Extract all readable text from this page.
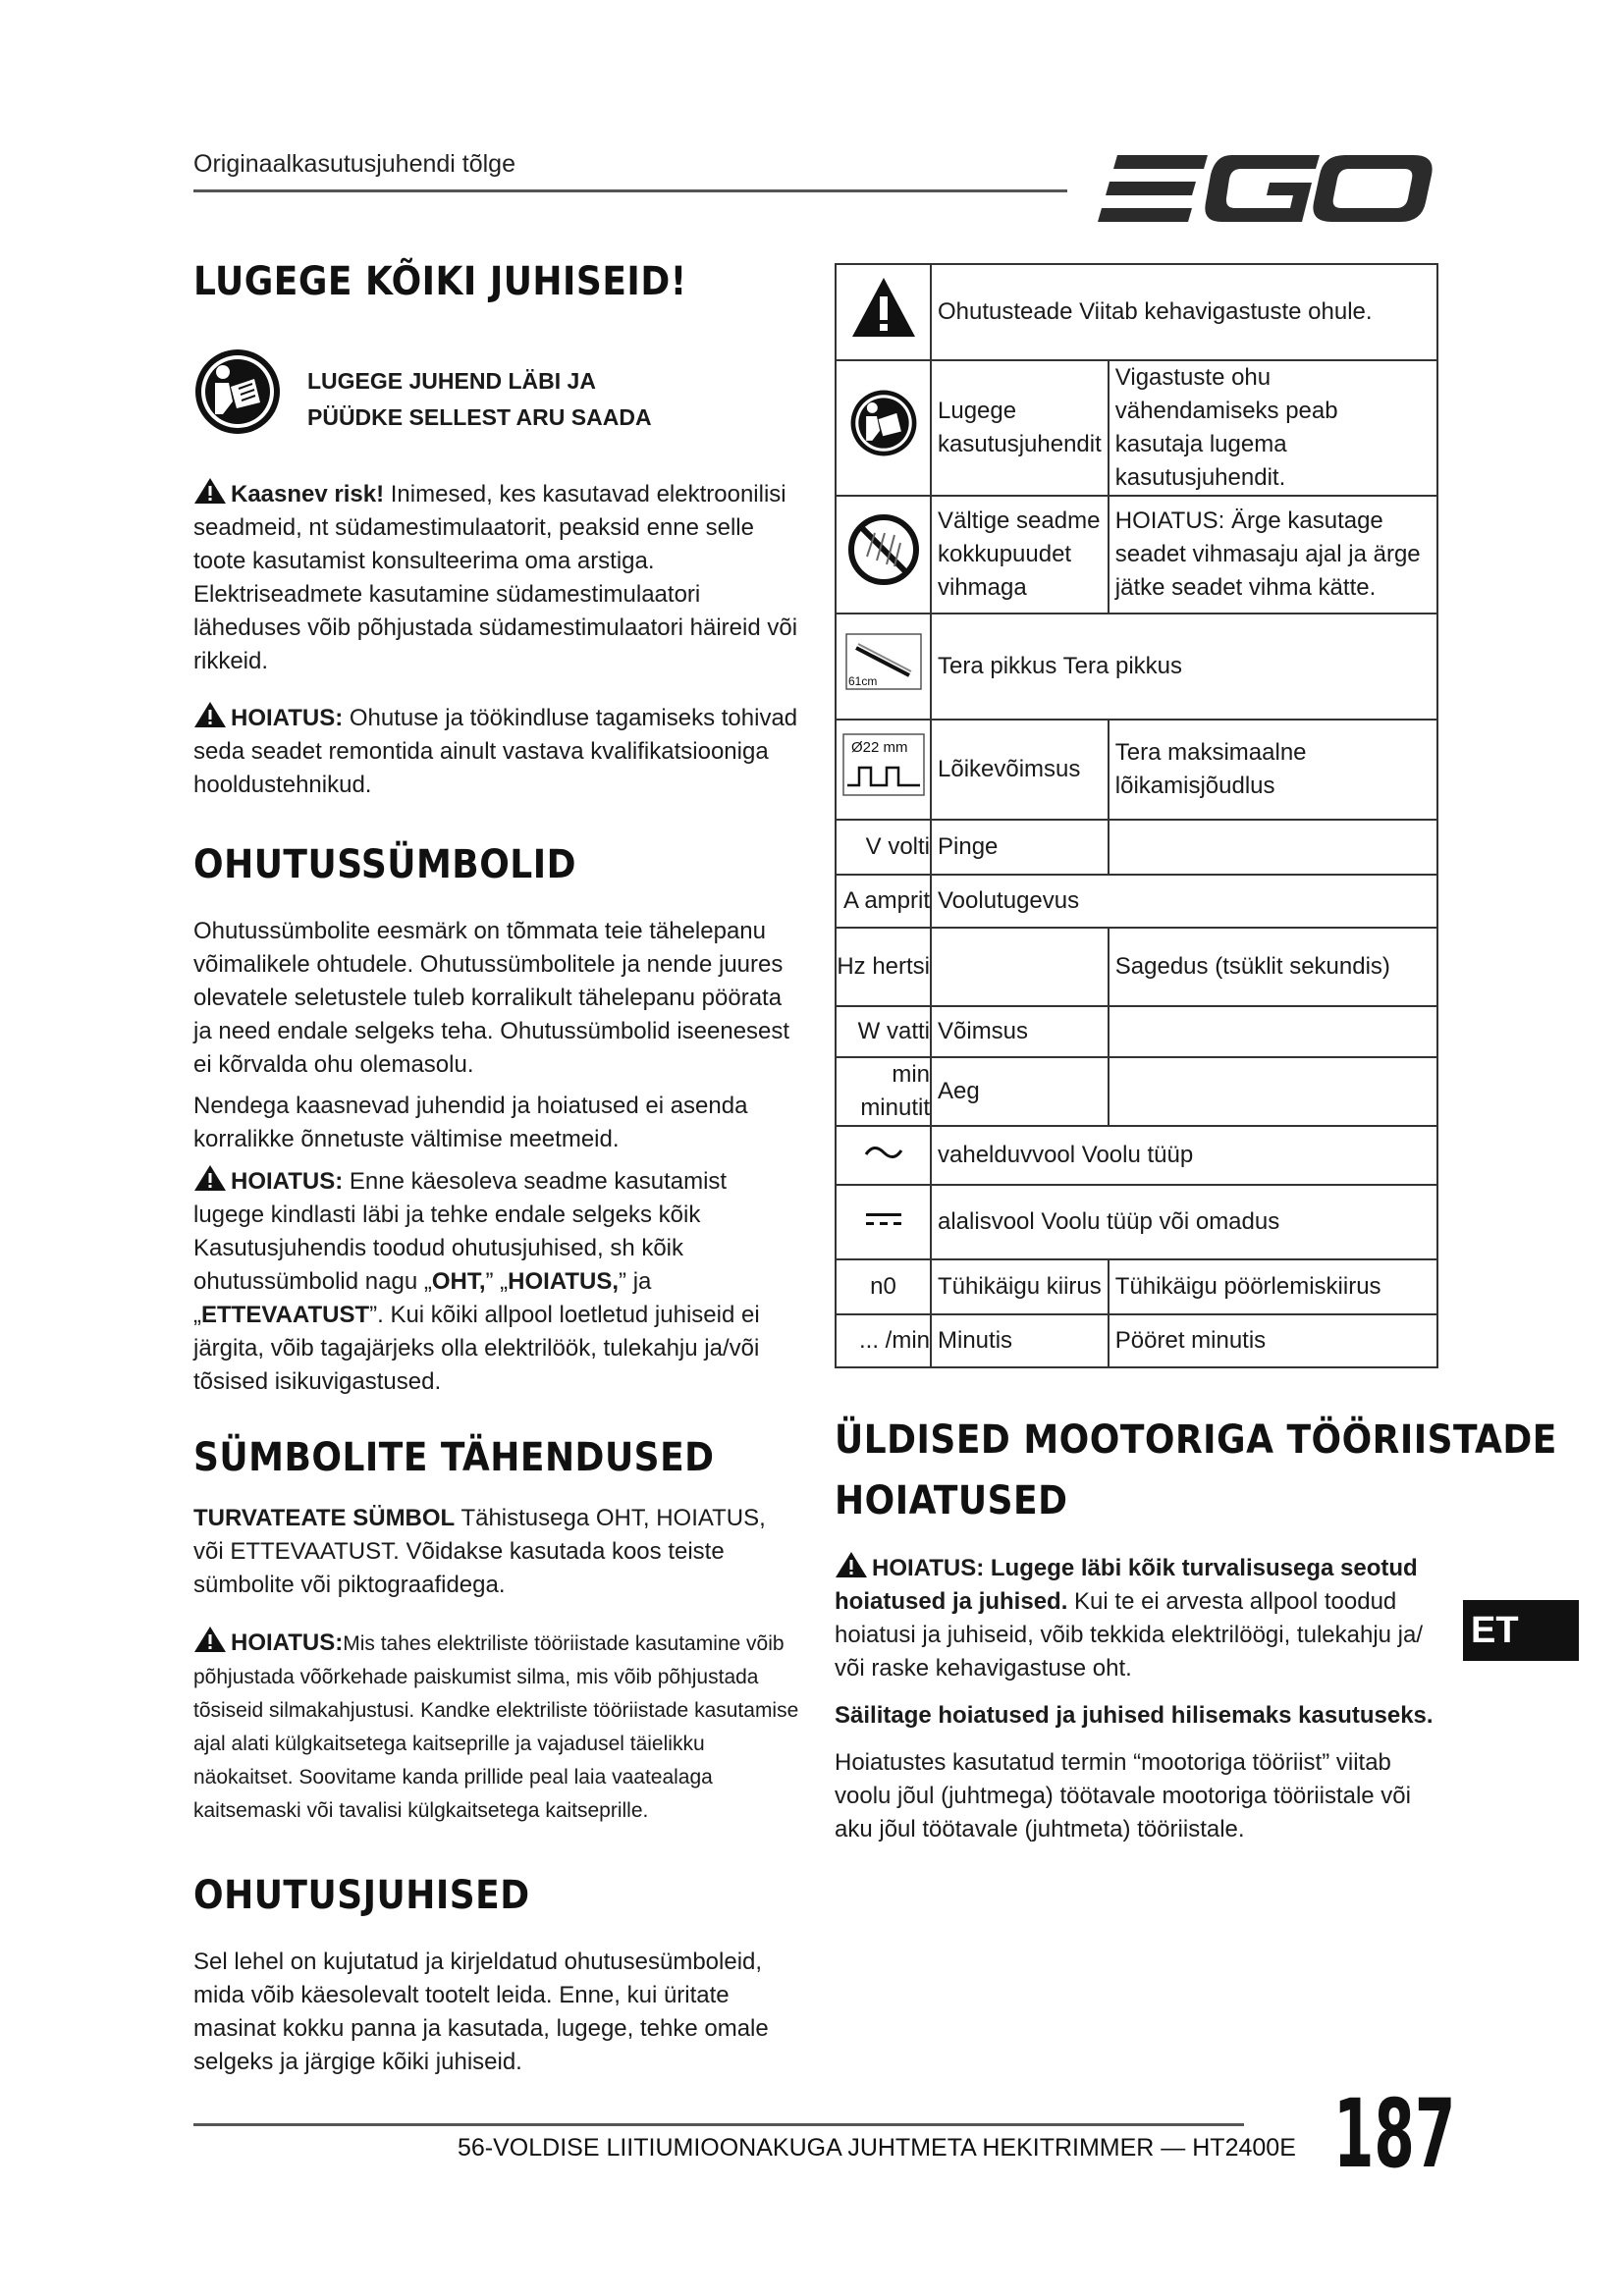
Originaalkasutusjuhendi tõlge
LUGEGE KÕIKI JUHISEID!
LUGEGE JUHEND LÄBI JA
PÜÜDKE SELLEST ARU SAADA

Kaasnev risk! Inimesed, kes kasutavad elektroonilisi seadmeid, nt südamestimulaatorit, peaksid enne selle toote kasutamist konsulteerima oma arstiga. Elektriseadmete kasutamine südamestimulaatori läheduses võib põhjustada südamestimulaatori häireid või rikkeid.

HOIATUS: Ohutuse ja töökindluse tagamiseks tohivad seda seadet remontida ainult vastava kvalifikatsiooniga hooldustehnikud.

OHUTUSSÜMBOLID

Ohutussümbolite eesmärk on tõmmata teie tähelepanu võimalikele ohtudele. Ohutussümbolitele ja nende juures olevatele seletustele tuleb korralikult tähelepanu pöörata ja need endale selgeks teha. Ohutussümbolid iseenesest ei kõrvalda ohu olemasolu.

Nendega kaasnevad juhendid ja hoiatused ei asenda korralikke õnnetuste vältimise meetmeid.

HOIATUS: Enne käesoleva seadme kasutamist lugege kindlasti läbi ja tehke endale selgeks kõik Kasutusjuhendis toodud ohutusjuhised, sh kõik ohutussümbolid nagu „OHT,” „HOIATUS,” ja „ETTEVAATUST”. Kui kõiki allpool loetletud juhiseid ei järgita, võib tagajärjeks olla elektrilöök, tulekahju ja/või tõsised isikuvigastused.

SÜMBOLITE TÄHENDUSED

TURVATEATE SÜMBOL Tähistusega OHT, HOIATUS, või ETTEVAATUST. Võidakse kasutada koos teiste sümbolite või piktograafidega.

HOIATUS:Mis tahes elektriliste tööriistade kasutamine võib põhjustada võõrkehade paiskumist silma, mis võib põhjustada tõsiseid silmakahjustusi. Kandke elektriliste tööriistade kasutamise ajal alati külgkaitsetega kaitseprille ja vajadusel täielikku näokaitset. Soovitame kanda prillide peal laia vaatealaga kaitsemaski või tavalisi külgkaitsetega kaitseprille.

OHUTUSJUHISED

Sel lehel on kujutatud ja kirjeldatud ohutusesümboleid, mida võib käesolevalt tootelt leida. Enne, kui üritate masinat kokku panna ja kasutada, lugege, tehke omale selgeks ja järgige kõiki juhiseid.

	Ohutusteade Viitab kehavigastuste ohule.	
	Lugege kasutusjuhendit	Vigastuste ohu vähendamiseks peab kasutaja lugema kasutusjuhendit.
	Vältige seadme kokkupuudet vihmaga	HOIATUS: Ärge kasutage seadet vihmasaju ajal ja ärge jätke seadet vihma kätte.

61cm	Tera pikkus Tera pikkus	

Ø22 mm	Lõikevõimsus	Tera maksimaalne lõikamisjõudlus
V volti	Pinge	
A amprit	Voolutugevus	
Hz hertsi		Sagedus (tsüklit sekundis)
W vatti	Võimsus	
min minutit	Aeg	
	vahelduvvool Voolu tüüp	
	alalisvool Voolu tüüp või omadus	
n0	Tühikäigu kiirus	Tühikäigu pöörlemiskiirus
... /min	Minutis	Pööret minutis
ÜLDISED MOOTORIGA TÖÖRIISTADE
HOIATUSED

HOIATUS: Lugege läbi kõik turvalisusega seotud hoiatused ja juhised. Kui te ei arvesta allpool toodud hoiatusi ja juhiseid, võib tekkida elektrilöögi, tulekahju ja/ või raske kehavigastuse oht.

Säilitage hoiatused ja juhised hilisemaks kasutuseks.

Hoiatustes kasutatud termin “mootoriga tööriist” viitab voolu jõul (juhtmega) töötavale mootoriga tööriistale või aku jõul töötavale (juhtmeta) tööriistale.

ET
56-VOLDISE LIITIUMIOONAKUGA JUHTMETA HEKITRIMMER — HT2400E 187
